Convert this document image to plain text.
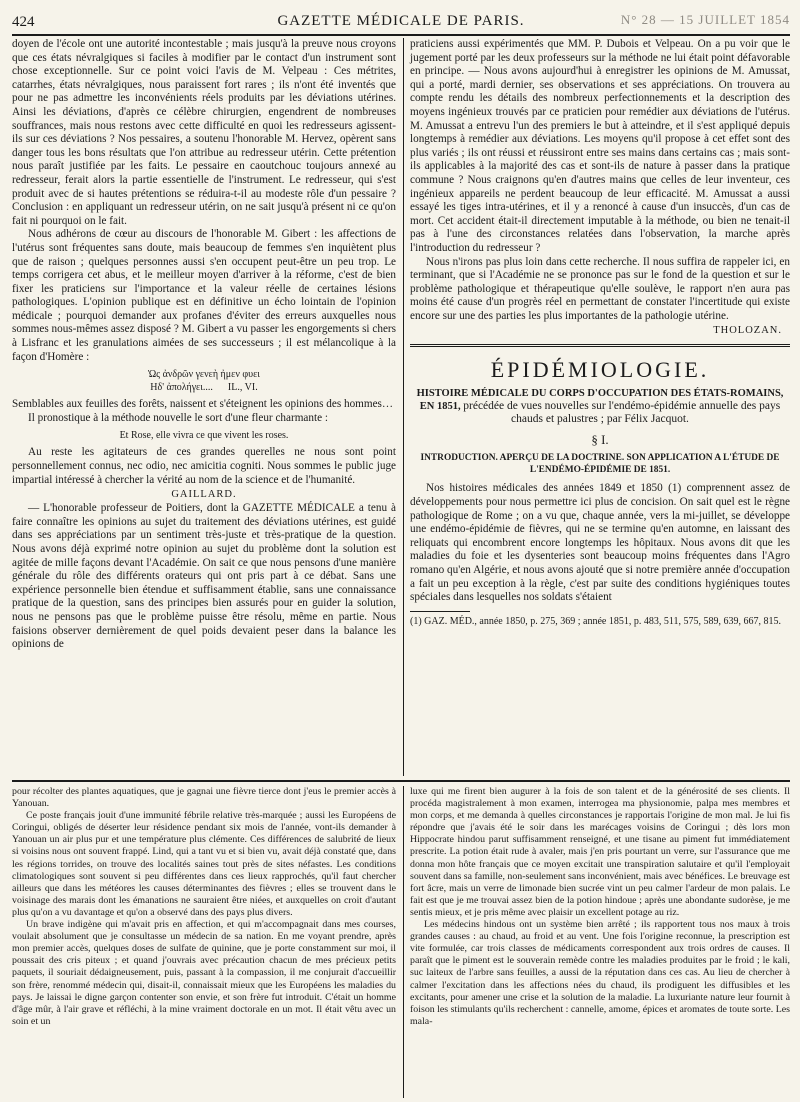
424	GAZETTE MÉDICALE DE PARIS.	N° 28 — 15 JUILLET 1854

doyen de l'école ont une autorité incontestable ; mais jusqu'à la preuve nous croyons que ces états névralgiques si faciles à modifier par le contact d'un instrument sont chose exceptionnelle. Sur ce point voici l'avis de M. Velpeau : Ces métrites, catarrhes, états névralgiques, nous paraissent fort rares ; ils n'ont été inventés que pour ne pas admettre les inconvénients réels produits par les déviations utérines. Ainsi les déviations, d'après ce célèbre chirurgien, engendrent de nombreuses souffrances, mais nous restons avec cette difficulté en quoi les redresseurs agissent-ils sur ces déviations ? Nos pessaires, a soutenu l'honorable M. Hervez, opèrent sans danger tous les bons résultats que l'on attribue au redresseur utérin. Cette prétention nous paraît justifiée par les faits. Le pessaire en caoutchouc toujours annexé au redresseur, ferait alors la partie essentielle de l'instrument. Le redresseur, qui s'est produit avec de si hautes prétentions se réduira-t-il au modeste rôle d'un pessaire ? Conclusion : en appliquant un redresseur utérin, on ne sait jusqu'à présent ni ce qu'on fait ni pourquoi on le fait.

Nous adhérons de cœur au discours de l'honorable M. Gibert : les affections de l'utérus sont fréquentes sans doute, mais beaucoup de femmes s'en inquiètent plus que de raison ; quelques personnes aussi s'en occupent peut-être un peu trop. Le temps corrigera cet abus, et le meilleur moyen d'arriver à la réforme, c'est de bien fixer les praticiens sur l'importance et la valeur réelle de certaines lésions pathologiques. L'opinion publique est en définitive un écho lointain de l'opinion médicale ; pourquoi demander aux profanes d'éviter des erreurs auxquelles nous sommes nous-mêmes assez disposé ? M. Gibert a vu passer les engorgements si chers à Lisfranc et les granulations aimées de ses successeurs ; il est mélancolique à la façon d'Homère :

Ὡς ἀνδρῶν γενεὴ ἠμεν φυει
Ηδ' ἀπολήγει.... IL., VI.

Semblables aux feuilles des forêts, naissent et s'éteignent les opinions des hommes…

Il pronostique à la méthode nouvelle le sort d'une fleur charmante :

Et Rose, elle vivra ce que vivent les roses.

Au reste les agitateurs de ces grandes querelles ne nous sont point personnellement connus, nec odio, nec amicitia cogniti. Nous sommes le public juge impartial intéressé à chercher la vérité au nom de la science et de l'humanité.

GAILLARD.

— L'honorable professeur de Poitiers, dont la GAZETTE MÉDICALE a tenu à faire connaître les opinions au sujet du traitement des déviations utérines, est guidé dans ses appréciations par un sentiment très-juste et très-pratique de la question. Nous avons déjà exprimé notre opinion au sujet du problème dont la solution est agitée de mille façons devant l'Académie. On sait ce que nous pensons d'une manière générale du rôle des différents orateurs qui ont pris part à ce débat. Sans une expérience personnelle bien étendue et suffisamment établie, sans une connaissance pratique de la question, sans des principes bien assurés pour en guider la solution, nous ne pensons pas que le problème puisse être résolu, même en partie. Nous faisions observer dernièrement de quel poids devaient peser dans la balance les opinions de

praticiens aussi expérimentés que MM. P. Dubois et Velpeau. On a pu voir que le jugement porté par les deux professeurs sur la méthode ne lui était point défavorable en principe. — Nous avons aujourd'hui à enregistrer les opinions de M. Amussat, qui a porté, mardi dernier, ses observations et ses appréciations. On trouvera au compte rendu les détails des nombreux perfectionnements et la description des moyens ingénieux trouvés par ce praticien pour remédier aux déviations de l'utérus. M. Amussat a entrevu l'un des premiers le but à atteindre, et il s'est appliqué depuis longtemps à remédier aux déviations. Les moyens qu'il propose à cet effet sont des plus variés ; ils ont réussi et réussiront entre ses mains dans certains cas ; mais sont-ils applicables à la majorité des cas et sont-ils de nature à passer dans la pratique commune ? Nous craignons qu'en d'autres mains que celles de leur inventeur, ces ingénieux appareils ne perdent beaucoup de leur efficacité. M. Amussat a aussi essayé les tiges intra-utérines, et il y a renoncé à cause d'un insuccès, d'un cas de mort. Cet accident était-il directement imputable à la méthode, ou bien ne tenait-il pas à l'une des circonstances relatées dans l'observation, la marche après l'introduction du redresseur ?

Nous n'irons pas plus loin dans cette recherche. Il nous suffira de rappeler ici, en terminant, que si l'Académie ne se prononce pas sur le fond de la question et sur le problème pathologique et thérapeutique qu'elle soulève, le rapport n'en aura pas moins été cause d'un progrès réel en permettant de constater l'incertitude qui existe encore sur une des parties les plus importantes de la pathologie utérine.

THOLOZAN.
ÉPIDÉMIOLOGIE.
HISTOIRE MÉDICALE DU CORPS D'OCCUPATION DES ÉTATS-ROMAINS, EN 1851, précédée de vues nouvelles sur l'endémo-épidémie annuelle des pays chauds et palustres ; par Félix Jacquot.
§ I.
INTRODUCTION. APERÇU DE LA DOCTRINE. SON APPLICATION A L'ÉTUDE DE L'ENDÉMO-ÉPIDÉMIE DE 1851.

Nos histoires médicales des années 1849 et 1850 (1) comprennent assez de développements pour nous permettre ici plus de concision. On sait quel est le règne pathologique de Rome ; on a vu que, chaque année, vers la mi-juillet, se développe une endémo-épidémie de fièvres, qui ne se termine qu'en automne, en laissant des reliquats qui encombrent encore longtemps les hôpitaux. Nous avons dit que les maladies du foie et les dysenteries sont beaucoup moins fréquentes dans l'Agro romano qu'en Algérie, et nous avons ajouté que si notre première année d'occupation a fait un peu exception à la règle, c'est par suite des conditions hygiéniques toutes spéciales dans lesquelles nos soldats s'étaient

(1) GAZ. MÉD., année 1850, p. 275, 369 ; année 1851, p. 483, 511, 575, 589, 639, 667, 815.

pour récolter des plantes aquatiques, que je gagnai une fièvre tierce dont j'eus le premier accès à Yanouan.

Ce poste français jouit d'une immunité fébrile relative très-marquée ; aussi les Européens de Coringui, obligés de déserter leur résidence pendant six mois de l'année, vont-ils demander à Yanouan un air plus pur et une température plus clémente. Ces différences de salubrité de lieux si voisins nous ont souvent frappé. Lind, qui a tant vu et si bien vu, avait déjà constaté que, dans les régions torrides, on trouve des localités saines tout près de sites néfastes. Les conditions climatologiques sont souvent si peu différentes dans ces lieux rapprochés, qu'il faut chercher ailleurs que dans les météores les causes déterminantes des fièvres ; elles se trouvent dans le voisinage des marais dont les émanations ne sauraient être niées, et auxquelles on croit d'autant plus qu'on a vu davantage et qu'on a observé dans des pays plus divers.

Un brave indigène qui m'avait pris en affection, et qui m'accompagnait dans mes courses, voulait absolument que je consultasse un médecin de sa nation. En me voyant prendre, après mon premier accès, quelques doses de sulfate de quinine, que je porte constamment sur moi, il poussait des cris piteux ; et quand j'ouvrais avec précaution chacun de mes précieux petits paquets, il souriait dédaigneusement, puis, passant à la compassion, il me conjurait d'accueillir son frère, renommé médecin qui, disait-il, connaissait mieux que les Européens les maladies du pays. Je laissai le digne garçon contenter son envie, et son frère fut introduit. C'était un homme d'âge mûr, à l'air grave et réfléchi, à la mine vraiment doctorale en un mot. Il était vêtu avec un soin et un

luxe qui me firent bien augurer à la fois de son talent et de la générosité de ses clients. Il procéda magistralement à mon examen, interrogea ma physionomie, palpa mes membres et mon corps, et me demanda à quelles circonstances je rapportais l'origine de mon mal. Je lui fis répondre que j'avais été le soir dans les marécages voisins de Coringui ; dès lors mon Hippocrate hindou parut suffisamment renseigné, et une tisane au piment fut immédiatement prescrite. La potion était rude à avaler, mais j'en pris pourtant un verre, sur l'assurance que me donna mon hôte français que ce moyen excitait une transpiration salutaire et qu'il l'employait souvent dans sa famille, non-seulement sans inconvénient, mais avec bénéfices. Le breuvage est fort âcre, mais un verre de limonade bien sucrée vint un peu calmer l'ardeur de mon palais. Le fait est que je me trouvai assez bien de la potion hindoue ; après une abondante sudorèse, je me sentis mieux, et je pris même avec plaisir un excellent potage au riz.

Les médecins hindous ont un système bien arrêté ; ils rapportent tous nos maux à trois grandes causes : au chaud, au froid et au vent. Une fois l'origine reconnue, la prescription est vite formulée, car trois classes de médicaments correspondent aux trois ordres de causes. Il paraît que le piment est le souverain remède contre les maladies produites par le froid ; le kali, suc laiteux de l'arbre sans feuilles, a aussi de la réputation dans ces cas. Au lieu de chercher à calmer l'excitation dans les affections nées du chaud, ils prodiguent les diffusibles et les excitants, pour amener une crise et la solution de la maladie. La luxuriante nature leur fournit à foison les stimulants qu'ils recherchent : cannelle, amome, épices et aromates de toute sorte. Les mala-
